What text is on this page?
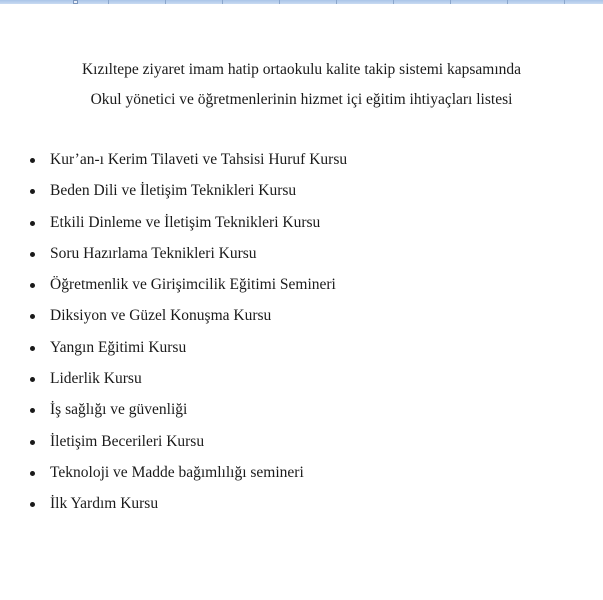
Kızıltepe ziyaret imam hatip ortaokulu kalite takip sistemi kapsamında
Okul yönetici ve öğretmenlerinin hizmet içi eğitim ihtiyaçları listesi
Kur’an-ı Kerim Tilaveti ve Tahsisi Huruf Kursu
Beden Dili ve İletişim Teknikleri Kursu
Etkili Dinleme ve İletişim Teknikleri Kursu
Soru Hazırlama Teknikleri Kursu
Öğretmenlik ve Girişimcilik Eğitimi Semineri
Diksiyon ve Güzel Konuşma Kursu
Yangın Eğitimi Kursu
Liderlik Kursu
İş sağlığı ve güvenliği
İletişim Becerileri Kursu
Teknoloji ve Madde bağımlılığı semineri
İlk Yardım Kursu
